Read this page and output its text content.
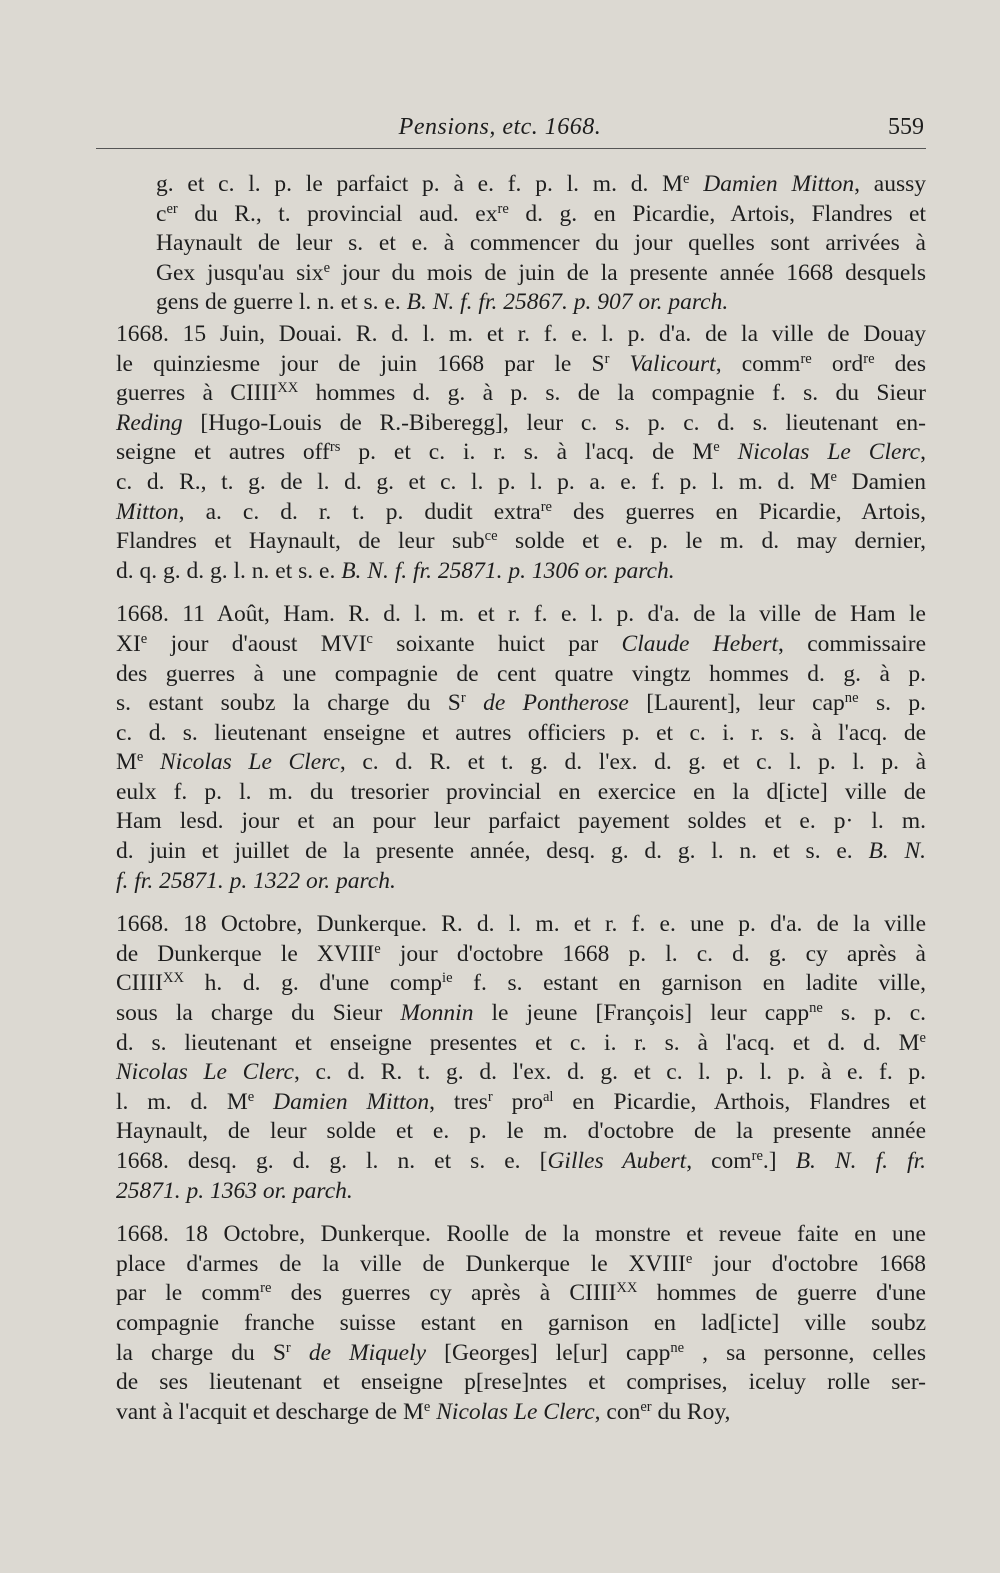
Pensions, etc. 1668.	559
g. et c. l. p. le parfaict p. à e. f. p. l. m. d. Me Damien Mitton, aussy
$c^{er}$ du R., t. provincial aud. $ex^{re}$ d. g. en Picardie, Artois, Flandres et
Haynault de leur s. et e. à commencer du jour quelles sont arrivées à
Gex jusqu'au six$^e$ jour du mois de juin de la presente année 1668 desquels
gens de guerre l. n. et s. e. B. N. f. fr. 25867. p. 907 or. parch.
1668. 15 Juin, Douai. R. d. l. m. et r. f. e. l. p. d'a. de la ville de Douay
le quinziesme jour de juin 1668 par le $S^r$ Valicourt, comm$^{re}$ ord$^{re}$ des
guerres à $CIIII^{XX}$ hommes d. g. à p. s. de la compagnie f. s. du Sieur
Reding [Hugo-Louis de R.-Biberegg], leur c. s. p. c. d. s. lieutenant en-
seigne et autres off$^{rs}$ p. et c. i. r. s. à l'acq. de Me Nicolas Le Clerc,
c. d. R., t. g. de l. d. g. et c. l. p. l. p. a. e. f. p. l. m. d. Me Damien
Mitton, a. c. d. r. t. p. dudit extra$^{re}$ des guerres en Picardie, Artois,
Flandres et Haynault, de leur sub$^{ce}$ solde et e. p. le m. d. may dernier,
d. q. g. d. g. l. n. et s. e. B. N. f. fr. 25871. p. 1306 or. parch.
1668. 11 Août, Ham. R. d. l. m. et r. f. e. l. p. d'a. de la ville de Ham le
XIe jour d'aoust MVI$^c$ soixante huict par Claude Hebert, commissaire
des guerres à une compagnie de cent quatre vingtz hommes d. g. à p.
s. estant soubz la charge du $S^r$ de Pontherose [Laurent], leur cap$^{ne}$ s. p.
c. d. s. lieutenant enseigne et autres officiers p. et c. i. r. s. à l'acq. de
Me Nicolas Le Clerc, c. d. R. et t. g. d. l'ex. d. g. et c. l. p. l. p. à
eulx f. p. l. m. du tresorier provincial en exercice en la d[icte] ville de
Ham lesd. jour et an pour leur parfaict payement soldes et e. p· l. m.
d. juin et juillet de la presente année, desq. g. d. g. l. n. et s. e. B. N.
f. fr. 25871. p. 1322 or. parch.
1668. 18 Octobre, Dunkerque. R. d. l. m. et r. f. e. une p. d'a. de la ville
de Dunkerque le XVIIIe jour d'octobre 1668 p. l. c. d. g. cy après à
$CIIII^{XX}$ h. d. g. d'une comp$^{ie}$ f. s. estant en garnison en ladite ville,
sous la charge du Sieur Monnin le jeune [François] leur capp$^{ne}$ s. p. c.
d. s. lieutenant et enseigne presentes et c. i. r. s. à l'acq. et d. d. Me
Nicolas Le Clerc, c. d. R. t. g. d. l'ex. d. g. et c. l. p. l. p. à e. f. p.
l. m. d. Me Damien Mitton, tres$^r$ pro$^{al}$ en Picardie, Arthois, Flandres et
Haynault, de leur solde et e. p. le m. d'octobre de la presente année
1668. desq. g. d. g. l. n. et s. e. [Gilles Aubert, com$^{re}$.] B. N. f. fr.
25871. p. 1363 or. parch.
1668. 18 Octobre, Dunkerque. Roolle de la monstre et reveue faite en une
place d'armes de la ville de Dunkerque le XVIIIe jour d'octobre 1668
par le comm$^{re}$ des guerres cy après à $CIIII^{XX}$ hommes de guerre d'une
compagnie franche suisse estant en garnison en lad[icte] ville soubz
la charge du $S^r$ de Miquely [Georges] le[ur] capp$^{ne}$ , sa personne, celles
de ses lieutenant et enseigne p[rese]ntes et comprises, iceluy rolle ser-
vant à l'acquit et descharge de Me Nicolas Le Clerc, con$^{er}$ du Roy,
